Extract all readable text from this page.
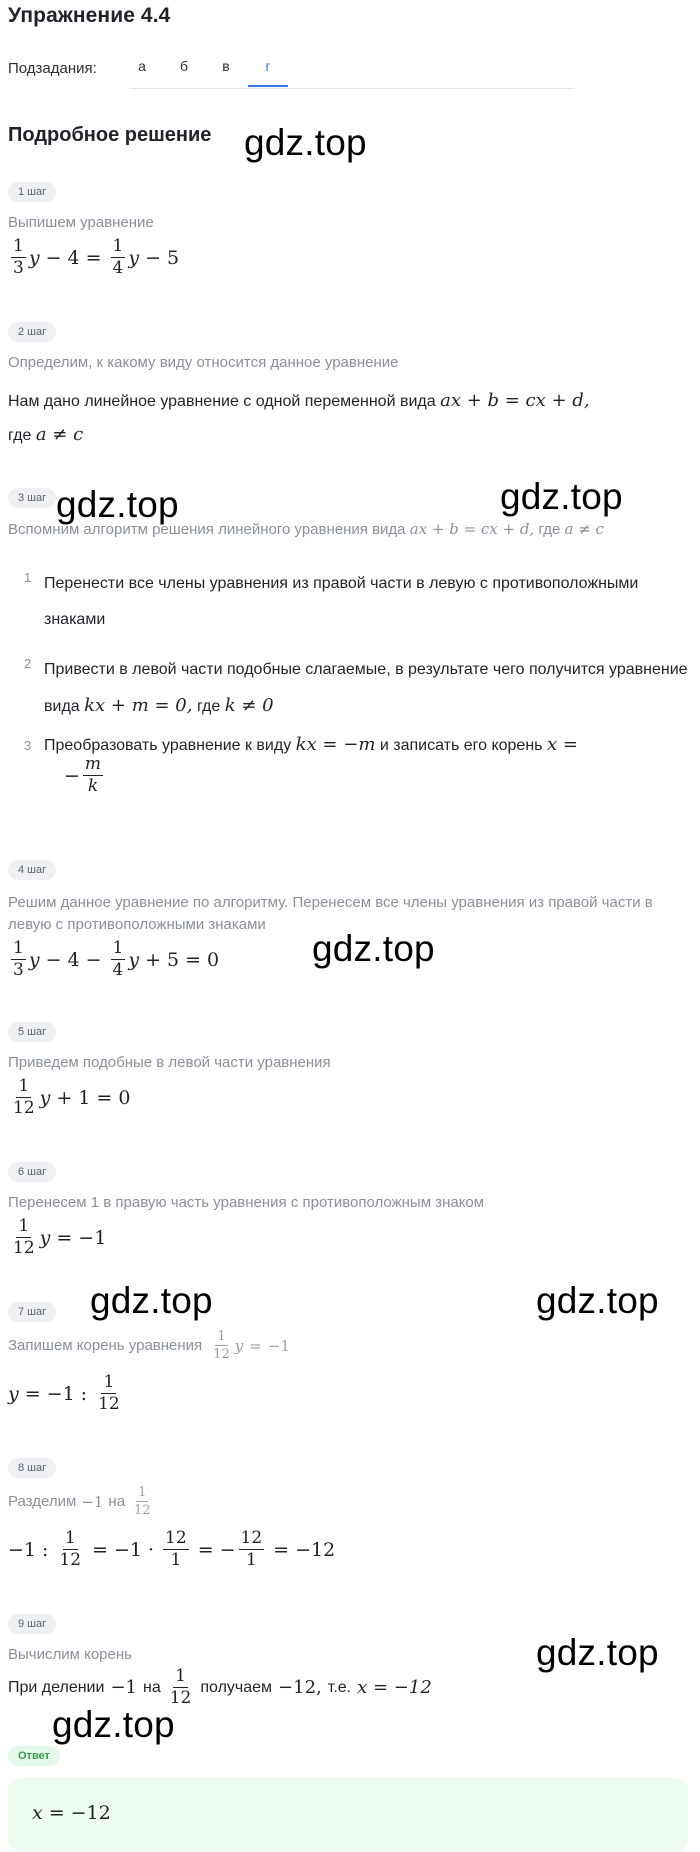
Упражнение 4.4
Подзадания:	а	б	в	г
Подробное решение gdz.top
gdz.top	gdz.top
gdz.top
gdz.top	gdz.top
gdz.top
gdz.top
1 шаг
Выпишем уравнение
$\frac{1}{3}$ $y - 4 = \frac{1}{4}$ y − 5
2 шаг
Определим, к какому виду относится данное уравнение
Нам дано линейное уравнение с одной переменной вида ax + b = cx + d,
где a ≠ c
3 шаг
Вспомним алгоритм решения линейного уравнения вида ax + b = cx + d, где a ≠ c
1 Перенести все члены уравнения из правой части в левую с противоположными знаками
2 Привести в левой части подобные слагаемые, в результате чего получится уравнение вида kx + m = 0, где k ≠ 0
3 Преобразовать уравнение к виду kx = −m и записать его корень x =
− $\frac{m}{k}$
4 шаг
Решим данное уравнение по алгоритму. Перенесем все члены уравнения из правой части в левую с противоположными знаками
$\frac{1}{3}$ $y - 4 - \frac{1}{4}$ y + 5 = 0
5 шаг
Приведем подобные в левой части уравнения
$\frac{1}{12}$ y + 1 = 0
6 шаг
Перенесем 1 в правую часть уравнения с противоположным знаком
$\frac{1}{12}$ y = −1
7 шаг
Запишем корень уравнения $\frac{1}{12}$ y = −1
y = −1 : $\frac{1}{12}$
8 шаг
Разделим −1 на $\frac{1}{12}$
−1 : $\frac{1}{12} = -1 \cdot \frac{12}{1}$ = − $\frac{12}{1} = -12$
9 шаг
Вычислим корень
При делении −1 на $\frac{1}{12}$ получаем −12, т.е. x = −12
Ответ
x = −12
